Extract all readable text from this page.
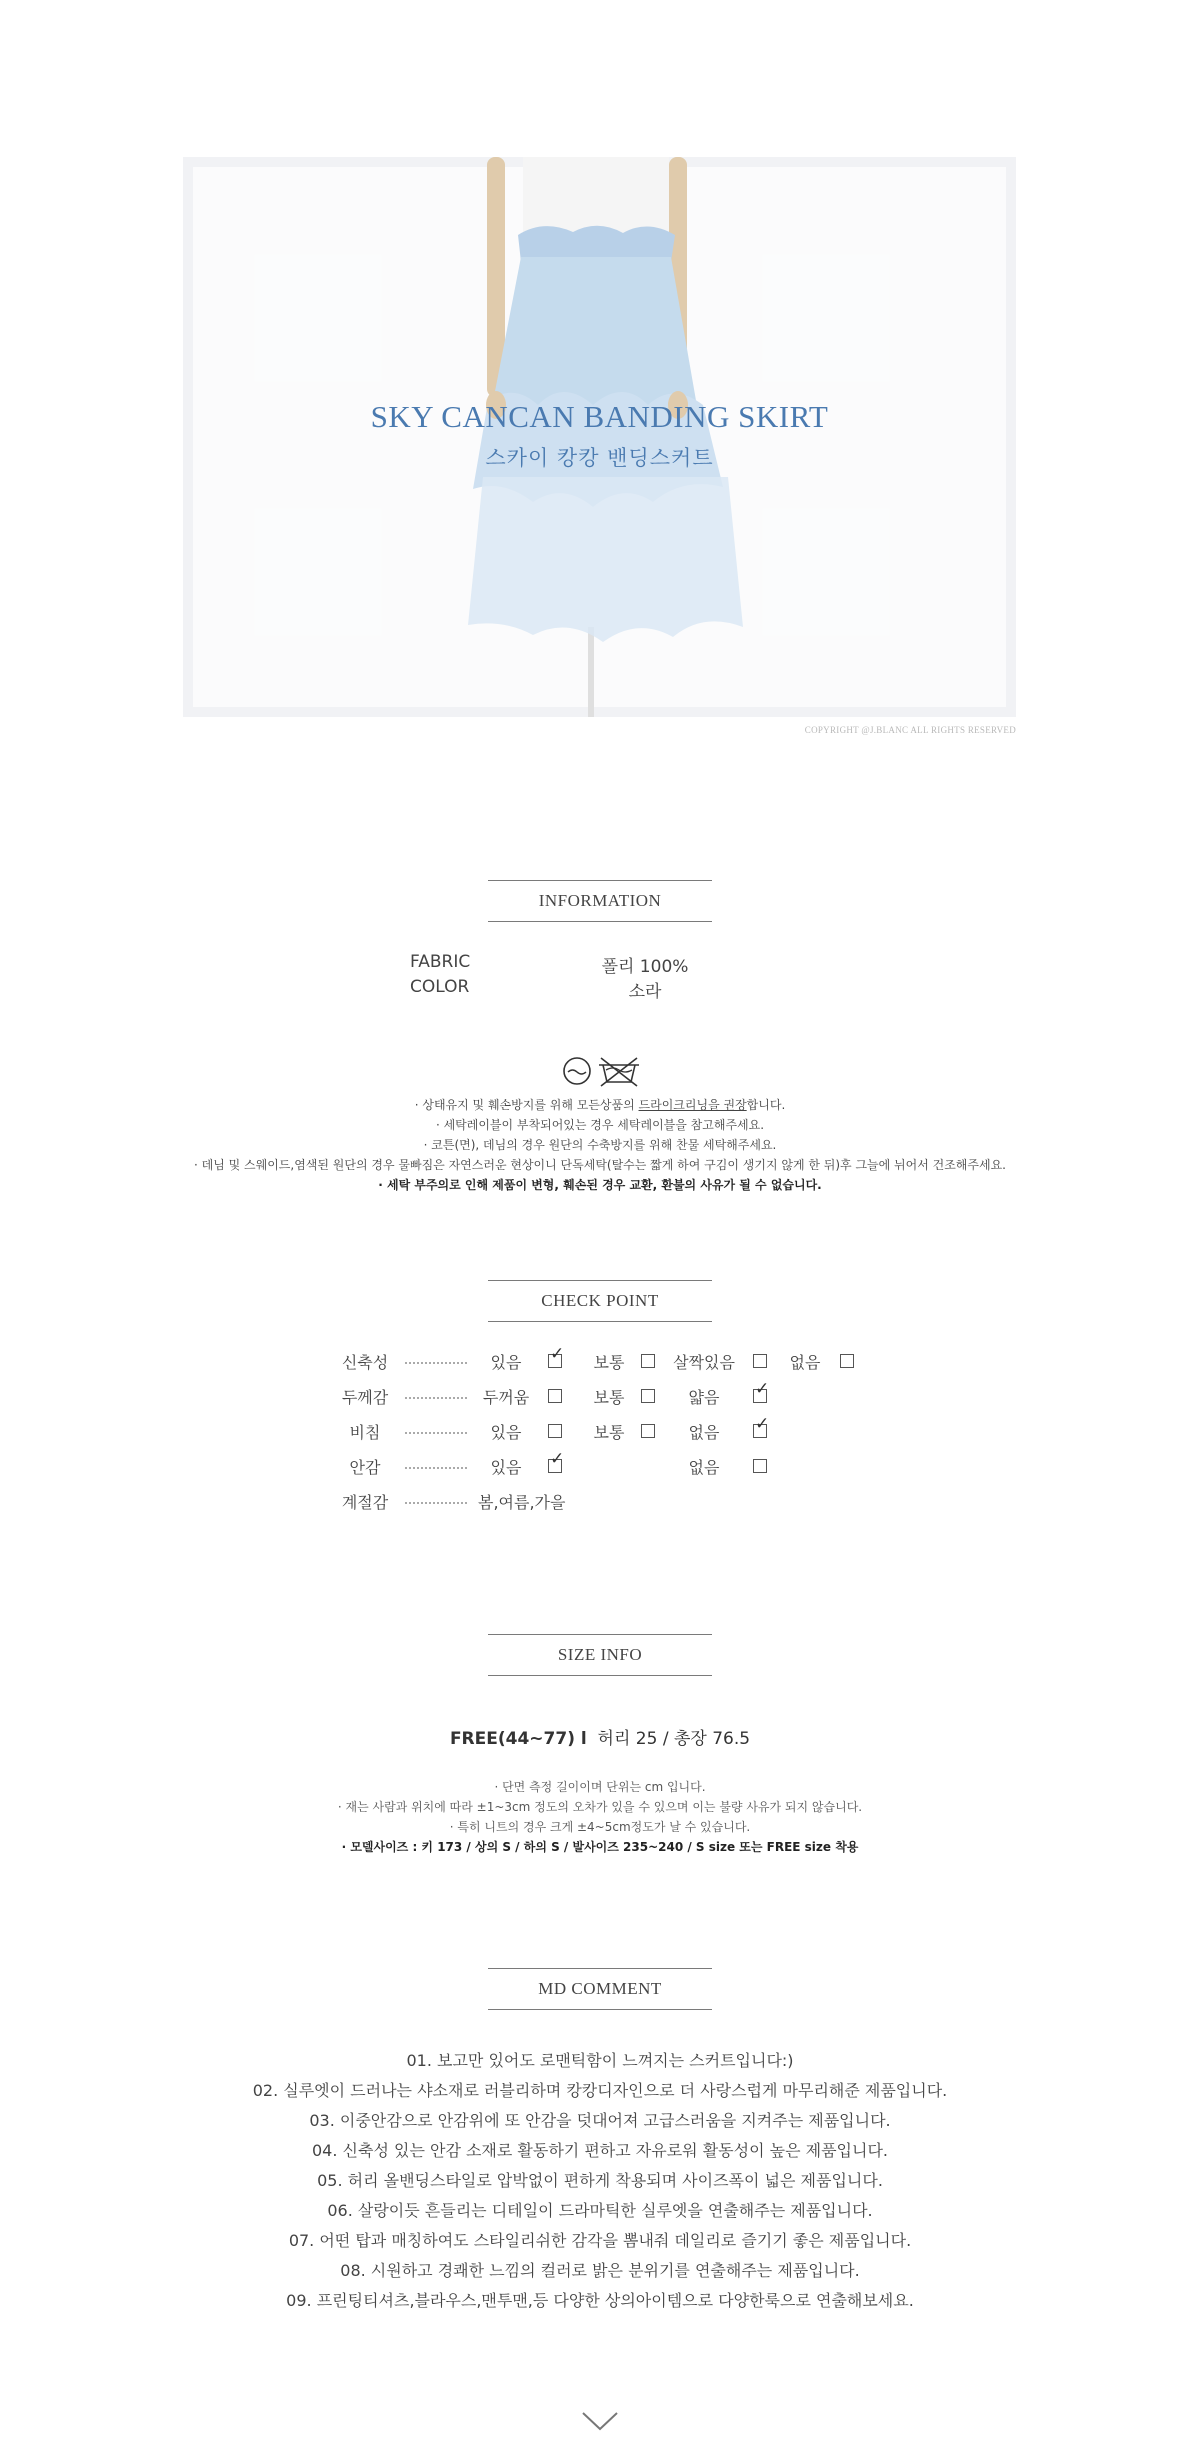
SKY CANCAN BANDING SKIRT
스카이 캉캉 밴딩스커트
COPYRIGHT @J.BLANC ALL RIGHTS RESERVED
INFORMATION
FABRIC	폴리 100%
COLOR	소라
· 상태유지 및 훼손방지를 위해 모든상품의 드라이크리닝을 권장합니다.
· 세탁레이블이 부착되어있는 경우 세탁레이블을 참고해주세요.
· 코튼(면), 데님의 경우 원단의 수축방지를 위해 찬물 세탁해주세요.
· 데님 및 스웨이드,염색된 원단의 경우 물빠짐은 자연스러운 현상이니 단독세탁(탈수는 짧게 하여 구김이 생기지 않게 한 뒤)후 그늘에 뉘어서 건조해주세요.
· 세탁 부주의로 인해 제품이 변형, 훼손된 경우 교환, 환불의 사유가 될 수 없습니다.
CHECK POINT
신축성	있음	✓	보통	살짝있음	없음
두께감	두꺼움	보통	얇음 ✓
비침	있음	보통	없음 ✓
안감	있음	✓	없음
계절감	봄,여름,가을
SIZE INFO
FREE(44~77) l 허리 25 / 총장 76.5
· 단면 측정 길이이며 단위는 cm 입니다.
· 재는 사람과 위치에 따라 ±1~3cm 정도의 오차가 있을 수 있으며 이는 불량 사유가 되지 않습니다.
· 특히 니트의 경우 크게 ±4~5cm정도가 날 수 있습니다.
· 모델사이즈 : 키 173 / 상의 S / 하의 S / 발사이즈 235~240 / S size 또는 FREE size 착용
MD COMMENT
01. 보고만 있어도 로맨틱함이 느껴지는 스커트입니다:)
02. 실루엣이 드러나는 샤소재로 러블리하며 캉캉디자인으로 더 사랑스럽게 마무리해준 제품입니다.
03. 이중안감으로 안감위에 또 안감을 덧대어져 고급스러움을 지켜주는 제품입니다.
04. 신축성 있는 안감 소재로 활동하기 편하고 자유로워 활동성이 높은 제품입니다.
05. 허리 올밴딩스타일로 압박없이 편하게 착용되며 사이즈폭이 넓은 제품입니다.
06. 살랑이듯 흔들리는 디테일이 드라마틱한 실루엣을 연출해주는 제품입니다.
07. 어떤 탑과 매칭하여도 스타일리쉬한 감각을 뽐내줘 데일리로 즐기기 좋은 제품입니다.
08. 시원하고 경쾌한 느낌의 컬러로 밝은 분위기를 연출해주는 제품입니다.
09. 프린팅티셔츠,블라우스,맨투맨,등 다양한 상의아이템으로 다양한룩으로 연출해보세요.
